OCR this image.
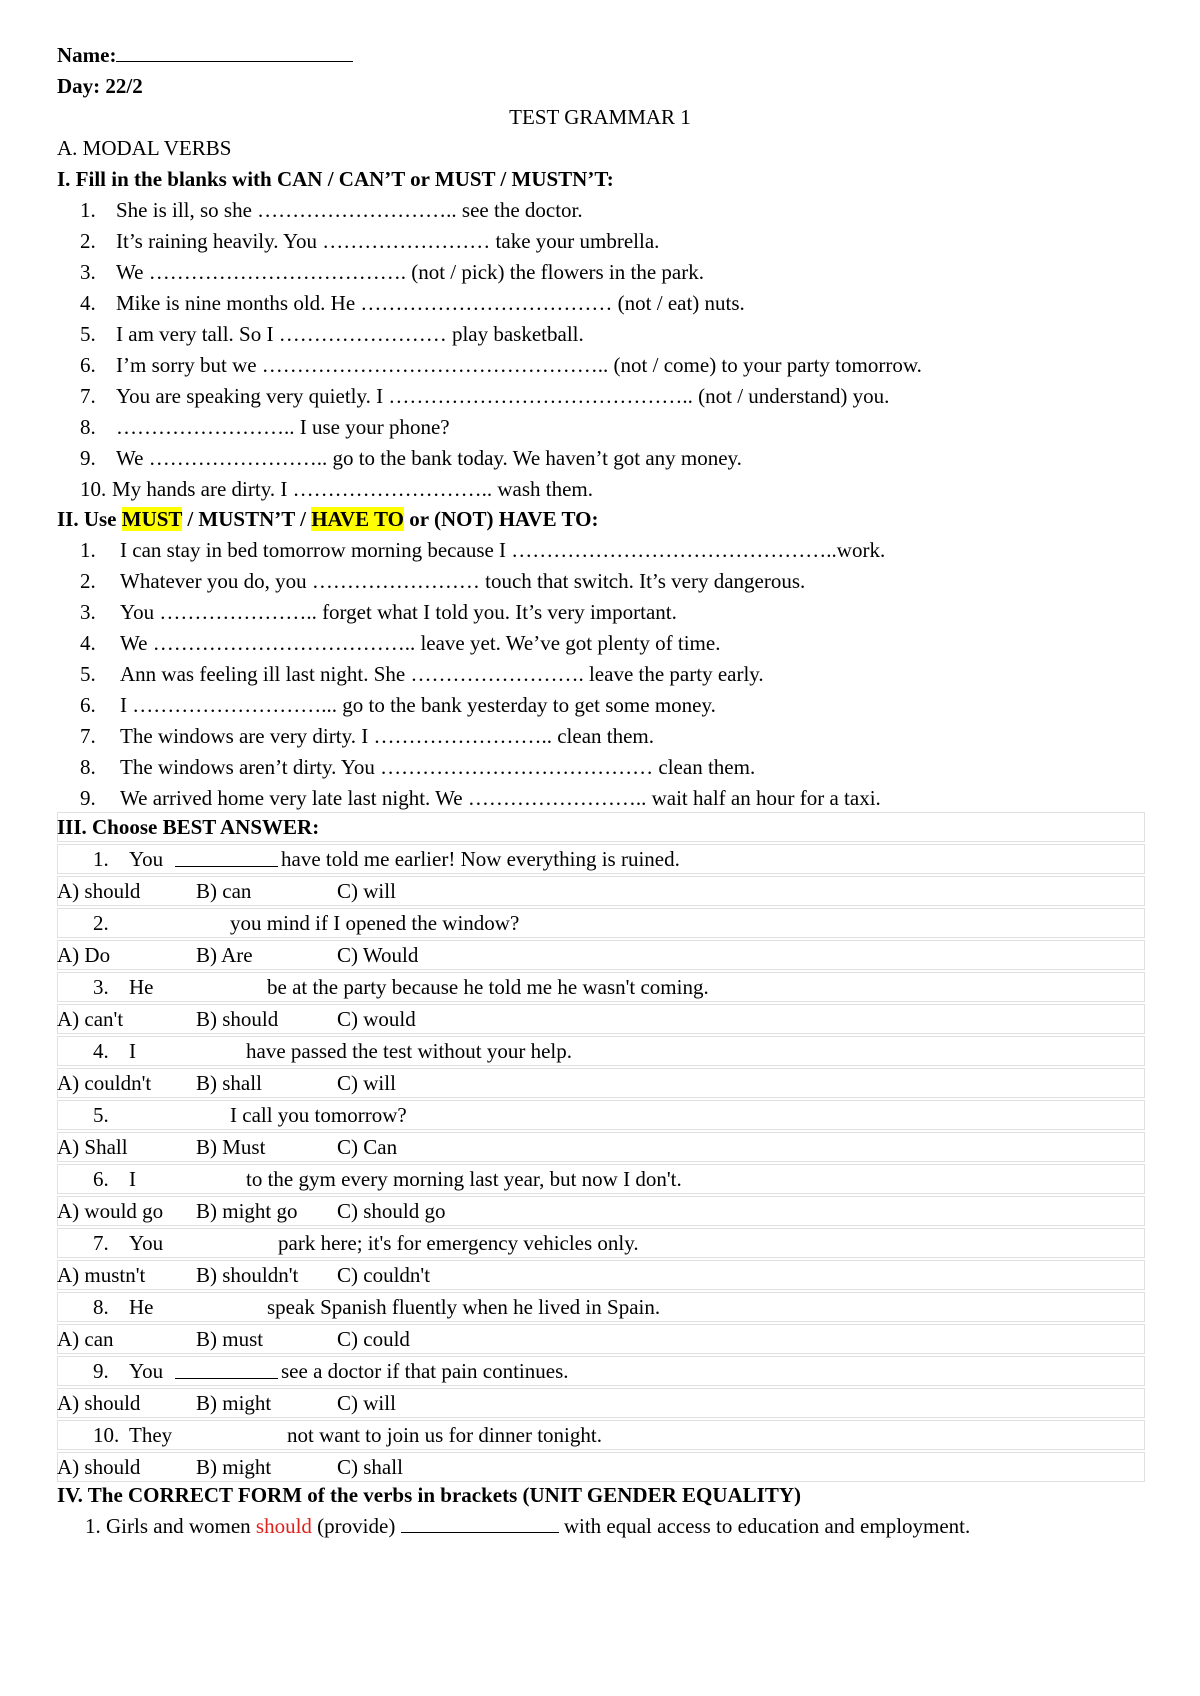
Name:
Day: 22/2
TEST GRAMMAR 1
A. MODAL VERBS
I. Fill in the blanks with CAN / CAN’T or MUST / MUSTN’T:
1. She is ill, so she ……………………….. see the doctor.
2. It’s raining heavily. You …………………… take your umbrella.
3. We ………………………………. (not / pick) the flowers in the park.
4. Mike is nine months old. He ……………………………… (not / eat) nuts.
5. I am very tall. So I …………………… play basketball.
6. I’m sorry but we ………………………………………….. (not / come) to your party tomorrow.
7. You are speaking very quietly. I …………………………………….. (not / understand) you.
8. …………………….. I use your phone?
9. We …………………….. go to the bank today. We haven’t got any money.
10. My hands are dirty. I ……………………….. wash them.
II. Use MUST / MUSTN’T / HAVE TO or (NOT) HAVE TO:
1. I can stay in bed tomorrow morning because I ………………………………………..work.
2. Whatever you do, you …………………… touch that switch. It’s very dangerous.
3. You ………………….. forget what I told you. It’s very important.
4. We ……………………………….. leave yet. We’ve got plenty of time.
5. Ann was feeling ill last night. She ……………………. leave the party early.
6. I ………………………... go to the bank yesterday to get some money.
7. The windows are very dirty. I …………………….. clean them.
8. The windows aren’t dirty. You ………………………………… clean them.
9. We arrived home very late last night. We …………………….. wait half an hour for a taxi.
III. Choose BEST ANSWER:
1. You	have told me earlier! Now everything is ruined.
A) should	B) can	C) will
2.	you mind if I opened the window?
A) Do	B) Are	C) Would
3. He	be at the party because he told me he wasn't coming.
A) can't	B) should	C) would
4. I	have passed the test without your help.
A) couldn't B) shall	C) will
5.	I call you tomorrow?
A) Shall	B) Must	C) Can
6. I	to the gym every morning last year, but now I don't.
A) would go B) might go C) should go
7. You	park here; it's for emergency vehicles only.
A) mustn't B) shouldn't C) couldn't
8. He	speak Spanish fluently when he lived in Spain.
A) can	B) must	C) could
9. You	see a doctor if that pain continues.
A) should	B) might	C) will
10. They	not want to join us for dinner tonight.
A) should	B) might	C) shall
IV. The CORRECT FORM of the verbs in brackets (UNIT GENDER EQUALITY)
1. Girls and women should (provide)	with equal access to education and employment.
